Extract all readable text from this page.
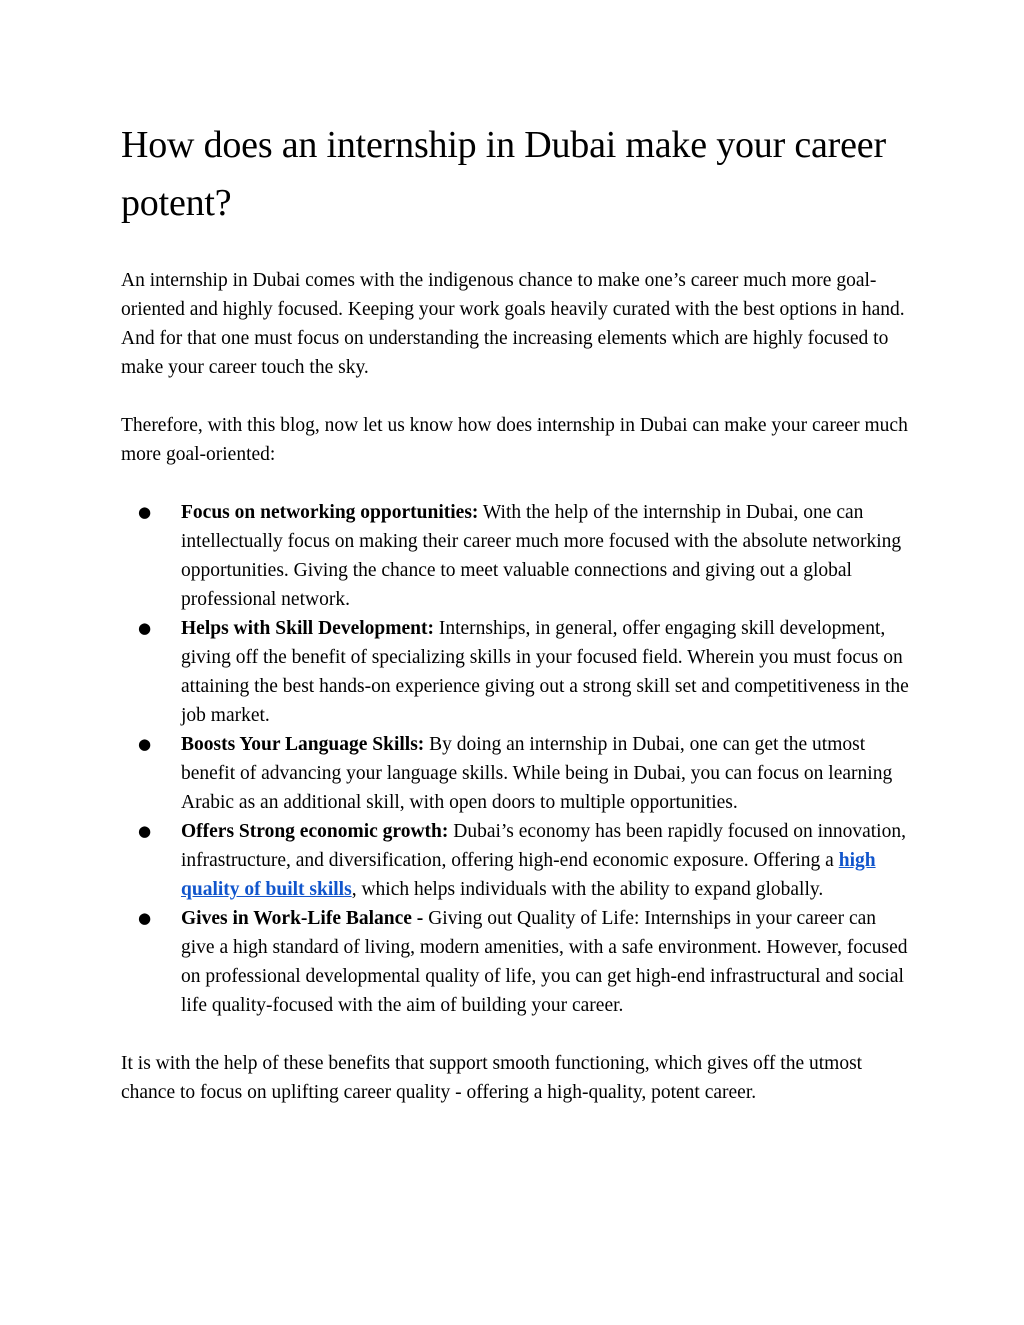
How does an internship in Dubai make your career potent?

An internship in Dubai comes with the indigenous chance to make one’s career much more goal-oriented and highly focused. Keeping your work goals heavily curated with the best options in hand. And for that one must focus on understanding the increasing elements which are highly focused to make your career touch the sky.

Therefore, with this blog, now let us know how does internship in Dubai can make your career much more goal-oriented:

● Focus on networking opportunities: With the help of the internship in Dubai, one can intellectually focus on making their career much more focused with the absolute networking opportunities. Giving the chance to meet valuable connections and giving out a global professional network.
● Helps with Skill Development: Internships, in general, offer engaging skill development, giving off the benefit of specializing skills in your focused field. Wherein you must focus on attaining the best hands-on experience giving out a strong skill set and competitiveness in the job market.
● Boosts Your Language Skills: By doing an internship in Dubai, one can get the utmost benefit of advancing your language skills. While being in Dubai, you can focus on learning Arabic as an additional skill, with open doors to multiple opportunities.
● Offers Strong economic growth: Dubai’s economy has been rapidly focused on innovation, infrastructure, and diversification, offering high-end economic exposure. Offering a high quality of built skills, which helps individuals with the ability to expand globally.
● Gives in Work-Life Balance - Giving out Quality of Life: Internships in your career can give a high standard of living, modern amenities, with a safe environment. However, focused on professional developmental quality of life, you can get high-end infrastructural and social life quality-focused with the aim of building your career.

It is with the help of these benefits that support smooth functioning, which gives off the utmost chance to focus on uplifting career quality - offering a high-quality, potent career.
